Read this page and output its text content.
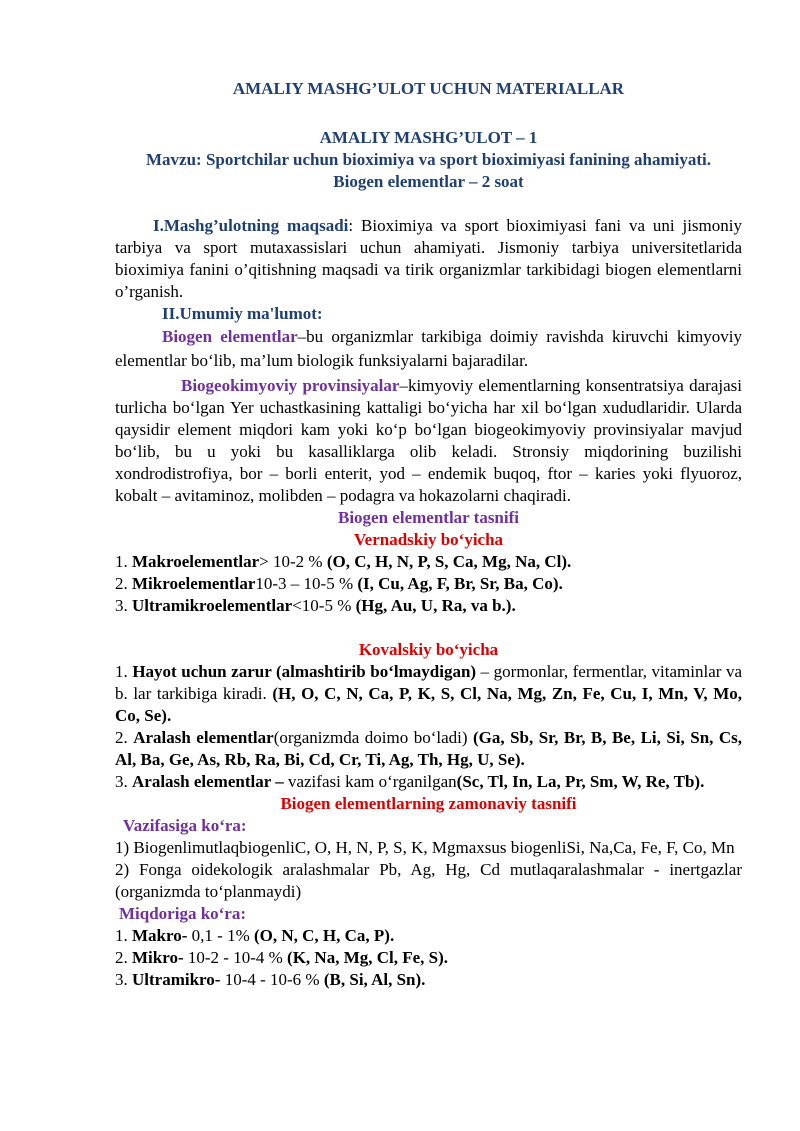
AMALIY MASHG’ULOT UCHUN MATERIALLAR

AMALIY MASHG’ULOT – 1

Mavzu: Sportchilar uchun bioximiya va sport bioximiyasi fanining ahamiyati.

Biogen elementlar – 2 soat

I.Mashg’ulotning maqsadi: Bioximiya va sport bioximiyasi fani va uni jismoniy tarbiya va sport mutaxassislari uchun ahamiyati. Jismoniy tarbiya universitetlarida bioximiya fanini o’qitishning maqsadi va tirik organizmlar tarkibidagi biogen elementlarni o’rganish.

II.Umumiy ma'lumot:

Biogen elementlar–bu organizmlar tarkibiga doimiy ravishda kiruvchi kimyoviy elementlar bo‘lib, ma’lum biologik funksiyalarni bajaradilar.

Biogeokimyoviy provinsiyalar–kimyoviy elementlarning konsentratsiya darajasi turlicha bo‘lgan Yer uchastkasining kattaligi bo‘yicha har xil bo‘lgan xududlaridir. Ularda qaysidir element miqdori kam yoki ko‘p bo‘lgan biogeokimyoviy provinsiyalar mavjud bo‘lib, bu u yoki bu kasalliklarga olib keladi. Stronsiy miqdorining buzilishi xondrodistrofiya, bor – borli enterit, yod – endemik buqoq, ftor – karies yoki flyuoroz, kobalt – avitaminoz, molibden – podagra va hokazolarni chaqiradi.

Biogen elementlar tasnifi

Vernadskiy bo‘yicha

1. Makroelementlar> 10-2 % (O, C, H, N, P, S, Ca, Mg, Na, Cl).

2. Mikroelementlar10-3 – 10-5 % (I, Cu, Ag, F, Br, Sr, Ba, Co).

3. Ultramikroelementlar<10-5 % (Hg, Au, U, Ra, va b.).

Kovalskiy bo‘yicha

1. Hayot uchun zarur (almashtirib bo‘lmaydigan) – gormonlar, fermentlar, vitaminlar va b. lar tarkibiga kiradi. (H, O, C, N, Ca, P, K, S, Cl, Na, Mg, Zn, Fe, Cu, I, Mn, V, Mo, Co, Se).

2. Aralash elementlar(organizmda doimo bo‘ladi) (Ga, Sb, Sr, Br, B, Be, Li, Si, Sn, Cs, Al, Ba, Ge, As, Rb, Ra, Bi, Cd, Cr, Ti, Ag, Th, Hg, U, Se).

3. Aralash elementlar – vazifasi kam o‘rganilgan(Sc, Tl, In, La, Pr, Sm, W, Re, Tb).

Biogen elementlarning zamonaviy tasnifi

Vazifasiga ko‘ra:

1) BiogenlimutlaqbiogenliC, O, H, N, P, S, K, Mgmaxsus biogenliSi, Na,Ca, Fe, F, Co, Mn

2) Fonga oidekologik aralashmalar Pb, Ag, Hg, Cd mutlaqaralashmalar - inertgazlar (organizmda to‘planmaydi)

Miqdoriga ko‘ra:

1. Makro- 0,1 - 1% (O, N, C, H, Ca, P).

2. Mikro- 10-2 - 10-4 % (K, Na, Mg, Cl, Fe, S).

3. Ultramikro- 10-4 - 10-6 % (B, Si, Al, Sn).
